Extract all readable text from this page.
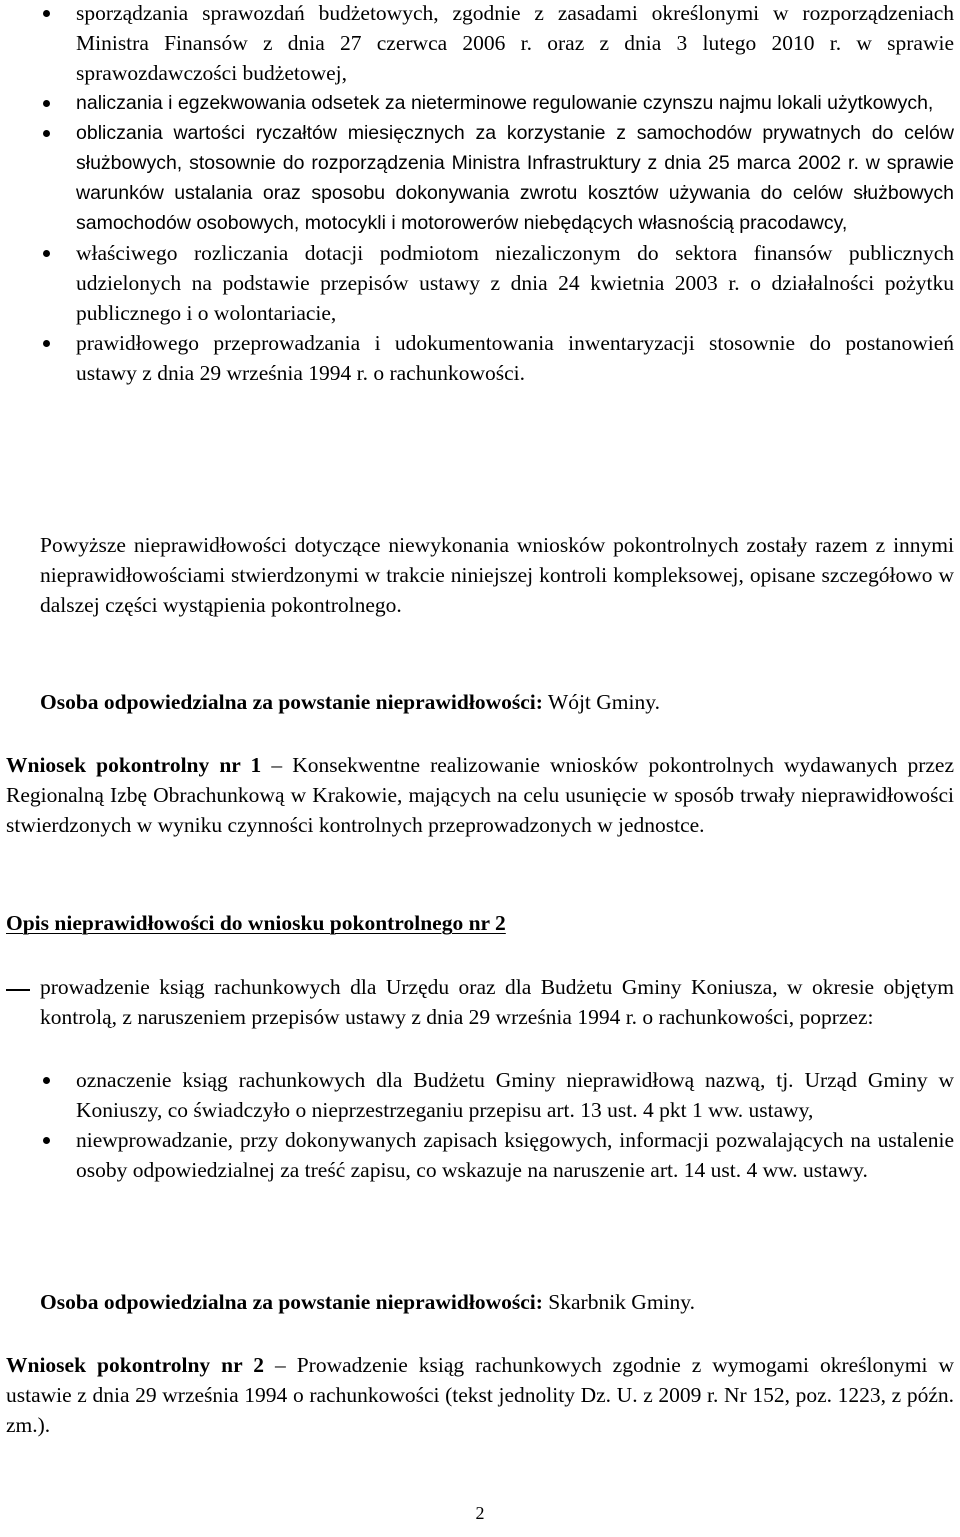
sporządzania sprawozdań budżetowych, zgodnie z zasadami określonymi w rozporządzeniach Ministra Finansów z dnia 27 czerwca 2006 r. oraz z dnia 3 lutego 2010 r. w sprawie sprawozdawczości budżetowej,
naliczania i egzekwowania odsetek za nieterminowe regulowanie czynszu najmu lokali użytkowych,
obliczania wartości ryczałtów miesięcznych za korzystanie z samochodów prywatnych do celów służbowych, stosownie do rozporządzenia Ministra Infrastruktury z dnia 25 marca 2002 r. w sprawie warunków ustalania oraz sposobu dokonywania zwrotu kosztów używania do celów służbowych samochodów osobowych, motocykli i motorowerów niebędących własnością pracodawcy,
właściwego rozliczania dotacji podmiotom niezaliczonym do sektora finansów publicznych udzielonych na podstawie przepisów ustawy z dnia 24 kwietnia 2003 r. o działalności pożytku publicznego i o wolontariacie,
prawidłowego przeprowadzania i udokumentowania inwentaryzacji stosownie do postanowień ustawy z dnia 29 września 1994 r. o rachunkowości.

Powyższe nieprawidłowości dotyczące niewykonania wniosków pokontrolnych zostały razem z innymi nieprawidłowościami stwierdzonymi w trakcie niniejszej kontroli kompleksowej, opisane szczegółowo w dalszej części wystąpienia pokontrolnego.

Osoba odpowiedzialna za powstanie nieprawidłowości: Wójt Gminy.

Wniosek pokontrolny nr 1 – Konsekwentne realizowanie wniosków pokontrolnych wydawanych przez Regionalną Izbę Obrachunkową w Krakowie, mających na celu usunięcie w sposób trwały nieprawidłowości stwierdzonych w wyniku czynności kontrolnych przeprowadzonych w jednostce.

Opis nieprawidłowości do wniosku pokontrolnego nr 2

prowadzenie ksiąg rachunkowych dla Urzędu oraz dla Budżetu Gminy Koniusza, w okresie objętym kontrolą, z naruszeniem przepisów ustawy z dnia 29 września 1994 r. o rachunkowości, poprzez:

oznaczenie ksiąg rachunkowych dla Budżetu Gminy nieprawidłową nazwą, tj. Urząd Gminy w Koniuszy, co świadczyło o nieprzestrzeganiu przepisu art. 13 ust. 4 pkt 1 ww. ustawy,
niewprowadzanie, przy dokonywanych zapisach księgowych, informacji pozwalających na ustalenie osoby odpowiedzialnej za treść zapisu, co wskazuje na naruszenie art. 14 ust. 4 ww. ustawy.

Osoba odpowiedzialna za powstanie nieprawidłowości: Skarbnik Gminy.

Wniosek pokontrolny nr 2 – Prowadzenie ksiąg rachunkowych zgodnie z wymogami określonymi w ustawie z dnia 29 września 1994 o rachunkowości (tekst jednolity Dz. U. z 2009 r. Nr 152, poz. 1223, z późn. zm.).

2
